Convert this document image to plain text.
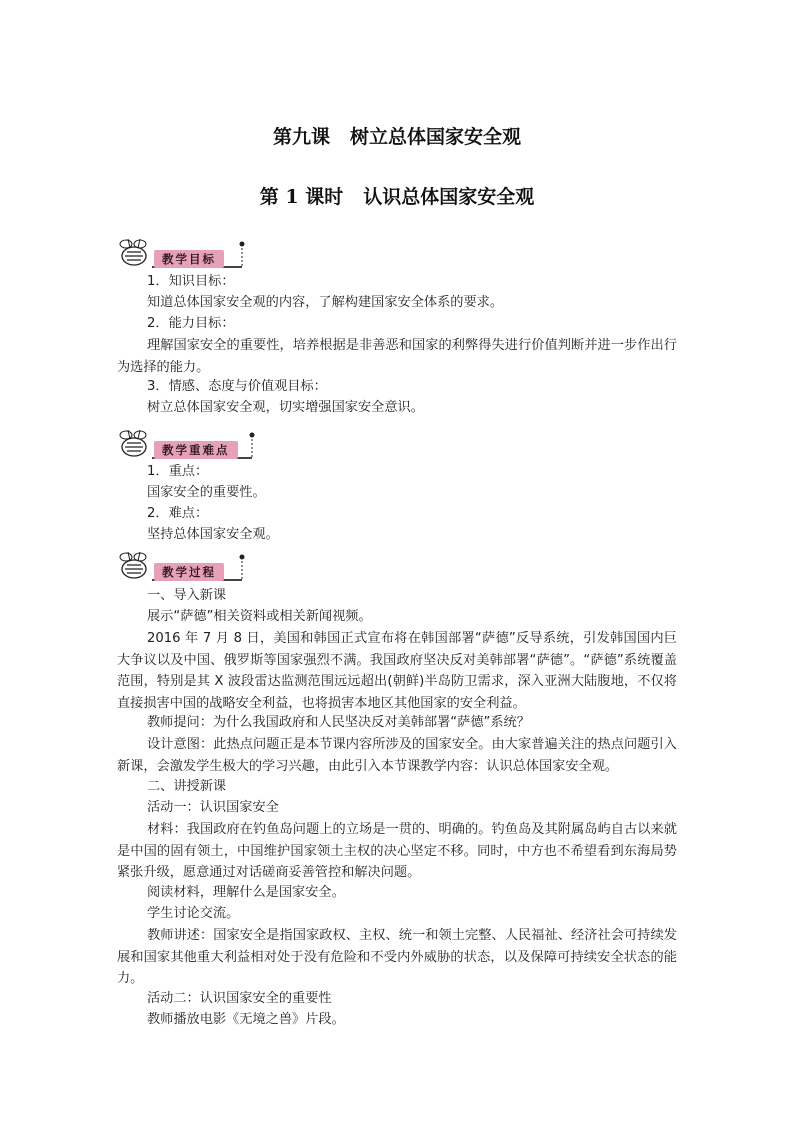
第九课 树立总体国家安全观
第 1 课时 认识总体国家安全观
教学目标
1．知识目标：
知道总体国家安全观的内容，了解构建国家安全体系的要求。
2．能力目标：
理解国家安全的重要性，培养根据是非善恶和国家的利弊得失进行价值判断并进一步作出行为选择的能力。
3．情感、态度与价值观目标：
树立总体国家安全观，切实增强国家安全意识。
教学重难点
1．重点：
国家安全的重要性。
2．难点：
坚持总体国家安全观。
教学过程
一、导入新课
展示“萨德”相关资料或相关新闻视频。
2016 年 7 月 8 日，美国和韩国正式宣布将在韩国部署“萨德”反导系统，引发韩国国内巨大争议以及中国、俄罗斯等国家强烈不满。我国政府坚决反对美韩部署“萨德”。“萨德”系统覆盖范围，特别是其 X 波段雷达监测范围远远超出(朝鲜)半岛防卫需求，深入亚洲大陆腹地，不仅将直接损害中国的战略安全利益，也将损害本地区其他国家的安全利益。
教师提问：为什么我国政府和人民坚决反对美韩部署“萨德”系统？
设计意图：此热点问题正是本节课内容所涉及的国家安全。由大家普遍关注的热点问题引入新课，会激发学生极大的学习兴趣，由此引入本节课教学内容：认识总体国家安全观。
二、讲授新课
活动一：认识国家安全
材料：我国政府在钓鱼岛问题上的立场是一贯的、明确的。钓鱼岛及其附属岛屿自古以来就是中国的固有领土，中国维护国家领土主权的决心坚定不移。同时，中方也不希望看到东海局势紧张升级，愿意通过对话磋商妥善管控和解决问题。
阅读材料，理解什么是国家安全。
学生讨论交流。
教师讲述：国家安全是指国家政权、主权、统一和领土完整、人民福祉、经济社会可持续发展和国家其他重大利益相对处于没有危险和不受内外威胁的状态，以及保障可持续安全状态的能力。
活动二：认识国家安全的重要性
教师播放电影《无境之兽》片段。
